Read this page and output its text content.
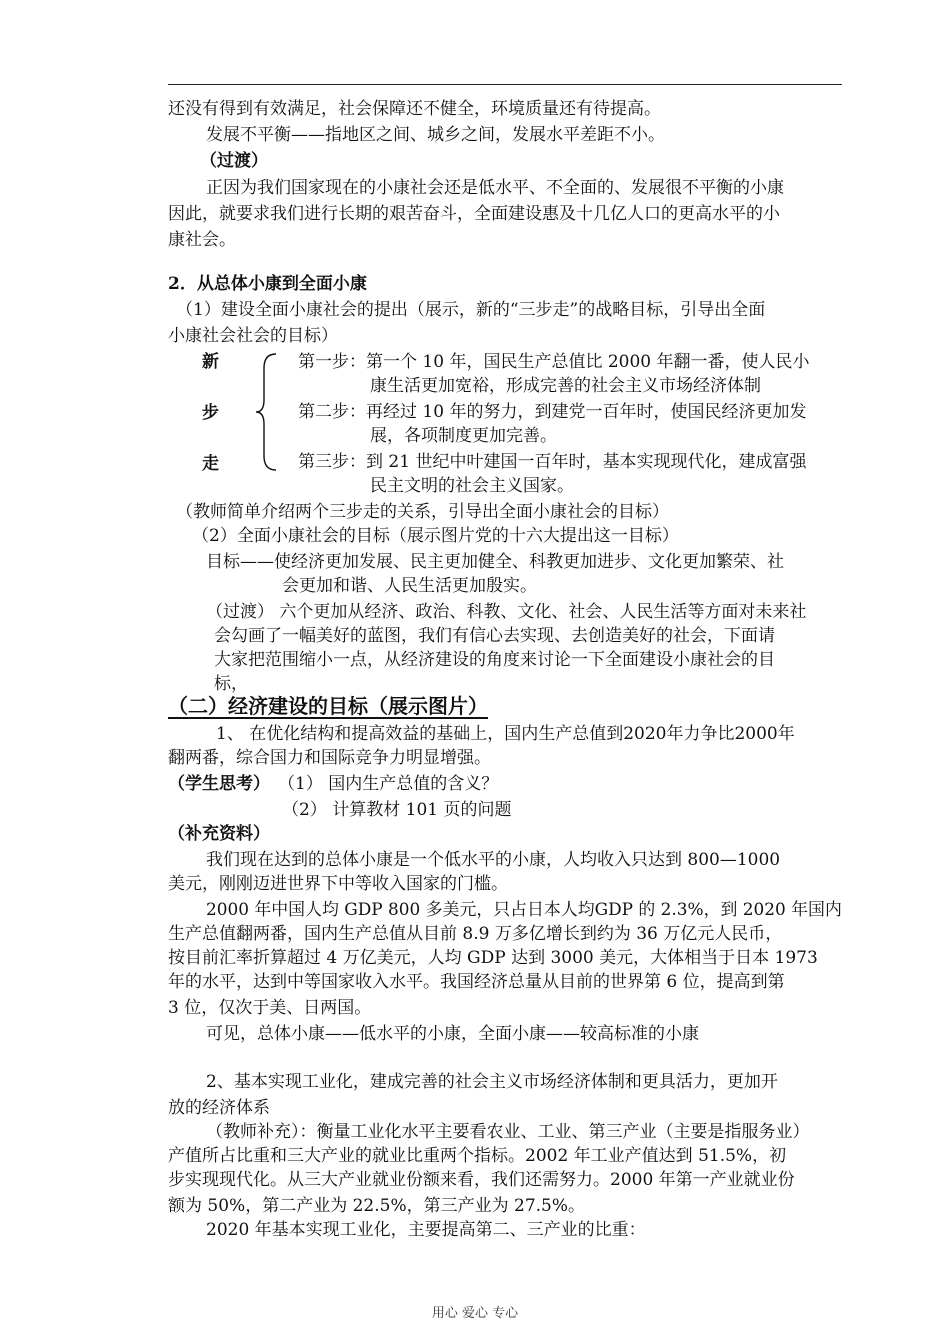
还没有得到有效满足，社会保障还不健全，环境质量还有待提高。
发展不平衡——指地区之间、城乡之间，发展水平差距不小。
（过渡）
正因为我们国家现在的小康社会还是低水平、不全面的、发展很不平衡的小康
因此，就要求我们进行长期的艰苦奋斗，全面建设惠及十几亿人口的更高水平的小
康社会。
2．从总体小康到全面小康
（1）建设全面小康社会的提出（展示，新的“三步走”的战略目标，引导出全面
小康社会社会的目标）
新
步
走
第一步：第一个 10 年，国民生产总值比 2000 年翻一番，使人民小
康生活更加宽裕，形成完善的社会主义市场经济体制
第二步：再经过 10 年的努力，到建党一百年时，使国民经济更加发
展，各项制度更加完善。
第三步：到 21 世纪中叶建国一百年时，基本实现现代化，建成富强
民主文明的社会主义国家。
（教师简单介绍两个三步走的关系，引导出全面小康社会的目标）
（2）全面小康社会的目标（展示图片党的十六大提出这一目标）
目标——使经济更加发展、民主更加健全、科教更加进步、文化更加繁荣、社
会更加和谐、人民生活更加殷实。
（过渡） 六个更加从经济、政治、科教、文化、社会、人民生活等方面对未来社
会勾画了一幅美好的蓝图，我们有信心去实现、去创造美好的社会，下面请
大家把范围缩小一点，从经济建设的角度来讨论一下全面建设小康社会的目
标，
（二）经济建设的目标（展示图片）
1、 在优化结构和提高效益的基础上，国内生产总值到2020年力争比2000年
翻两番，综合国力和国际竞争力明显增强。
（学生思考） （1） 国内生产总值的含义？
（2） 计算教材 101 页的问题
（补充资料）
我们现在达到的总体小康是一个低水平的小康，人均收入只达到 800—1000
美元，刚刚迈进世界下中等收入国家的门槛。
2000 年中国人均 GDP 800 多美元，只占日本人均GDP 的 2.3%，到 2020 年国内
生产总值翻两番，国内生产总值从目前 8.9 万多亿增长到约为 36 万亿元人民币，
按目前汇率折算超过 4 万亿美元，人均 GDP 达到 3000 美元，大体相当于日本 1973
年的水平，达到中等国家收入水平。我国经济总量从目前的世界第 6 位，提高到第
3 位，仅次于美、日两国。
可见，总体小康——低水平的小康，全面小康——较高标准的小康
2、基本实现工业化，建成完善的社会主义市场经济体制和更具活力，更加开
放的经济体系
（教师补充）：衡量工业化水平主要看农业、工业、第三产业（主要是指服务业）
产值所占比重和三大产业的就业比重两个指标。2002 年工业产值达到 51.5%，初
步实现现代化。从三大产业就业份额来看，我们还需努力。2000 年第一产业就业份
额为 50%，第二产业为 22.5%，第三产业为 27.5%。
2020 年基本实现工业化，主要提高第二、三产业的比重：
用心 爱心 专心
